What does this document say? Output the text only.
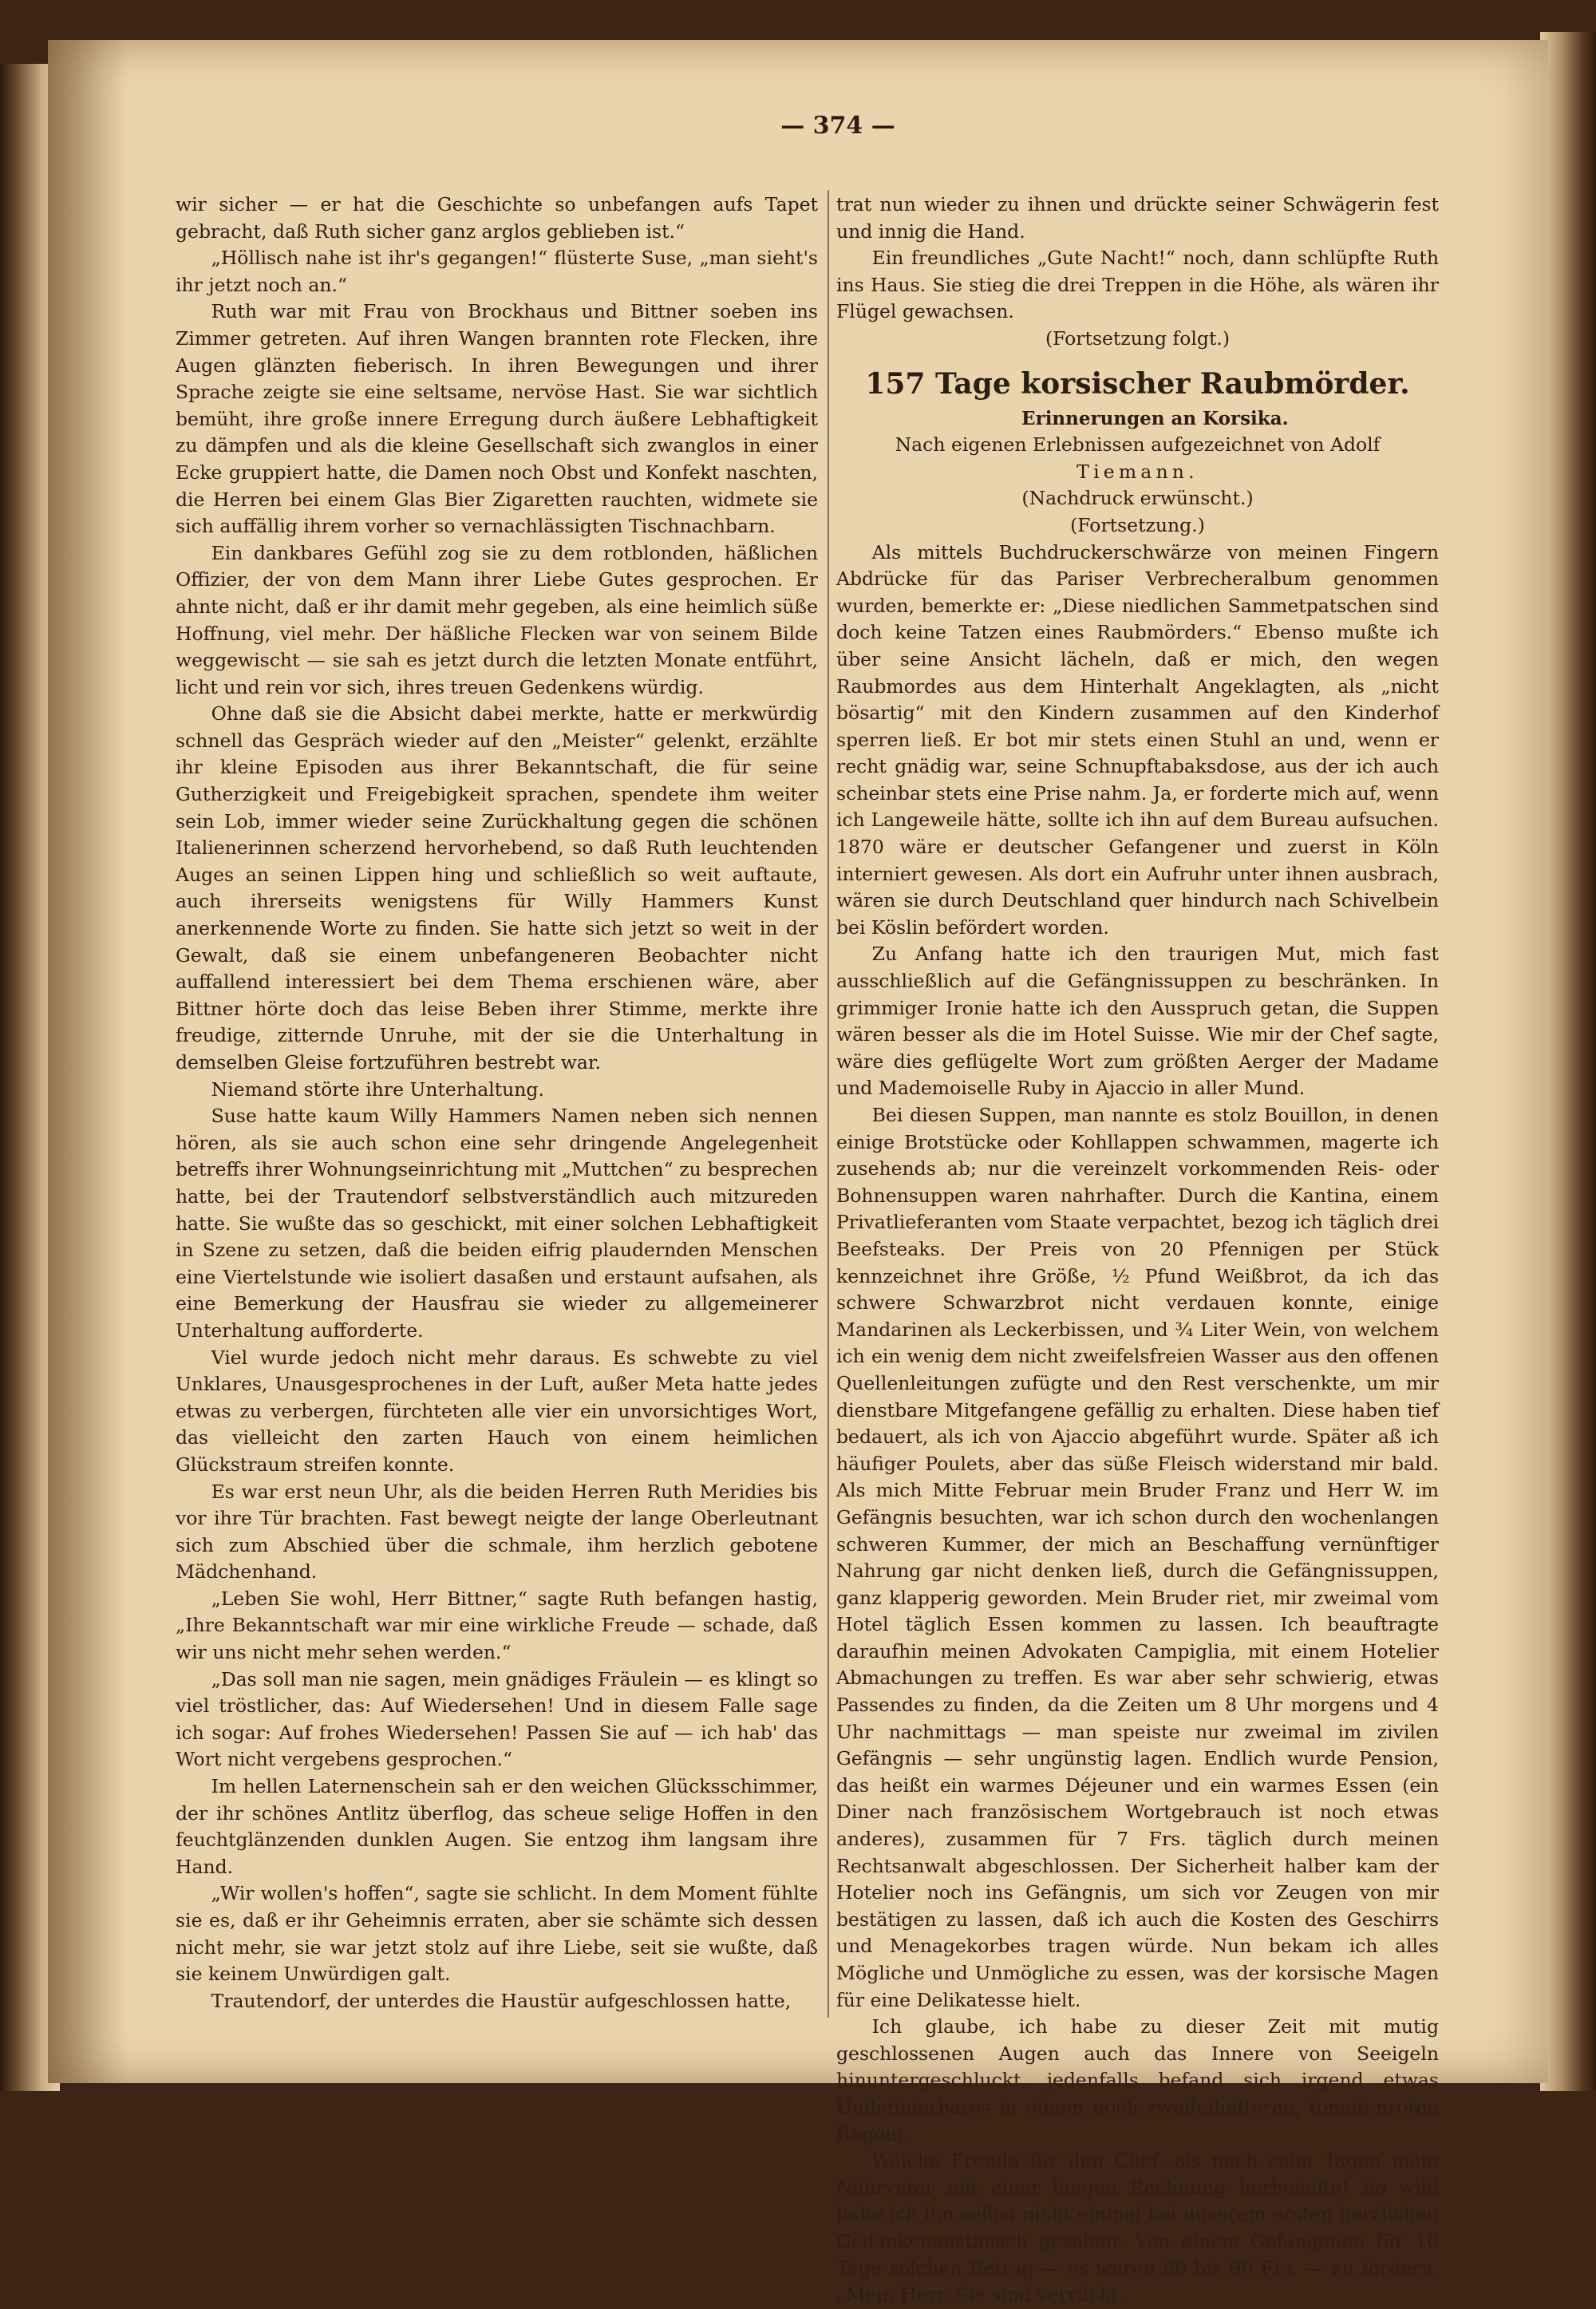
— 374 —

wir sicher — er hat die Geschichte so unbefangen aufs Tapet gebracht, daß Ruth sicher ganz arglos geblieben ist.“

„Höllisch nahe ist ihr's gegangen!“ flüsterte Suse, „man sieht's ihr jetzt noch an.“

Ruth war mit Frau von Brockhaus und Bittner soeben ins Zimmer getreten. Auf ihren Wangen brannten rote Flecken, ihre Augen glänzten fieberisch. In ihren Bewegungen und ihrer Sprache zeigte sie eine seltsame, nervöse Hast. Sie war sichtlich bemüht, ihre große innere Erregung durch äußere Lebhaftigkeit zu dämpfen und als die kleine Gesellschaft sich zwanglos in einer Ecke gruppiert hatte, die Damen noch Obst und Konfekt naschten, die Herren bei einem Glas Bier Zigaretten rauchten, widmete sie sich auffällig ihrem vorher so vernachlässigten Tischnachbarn.

Ein dankbares Gefühl zog sie zu dem rotblonden, häßlichen Offizier, der von dem Mann ihrer Liebe Gutes gesprochen. Er ahnte nicht, daß er ihr damit mehr gegeben, als eine heimlich süße Hoffnung, viel mehr. Der häßliche Flecken war von seinem Bilde weggewischt — sie sah es jetzt durch die letzten Monate entführt, licht und rein vor sich, ihres treuen Gedenkens würdig.

Ohne daß sie die Absicht dabei merkte, hatte er merkwürdig schnell das Gespräch wieder auf den „Meister“ gelenkt, erzählte ihr kleine Episoden aus ihrer Bekanntschaft, die für seine Gutherzigkeit und Freigebigkeit sprachen, spendete ihm weiter sein Lob, immer wieder seine Zurückhaltung gegen die schönen Italienerinnen scherzend hervorhebend, so daß Ruth leuchtenden Auges an seinen Lippen hing und schließlich so weit auftaute, auch ihrerseits wenigstens für Willy Hammers Kunst anerkennende Worte zu finden. Sie hatte sich jetzt so weit in der Gewalt, daß sie einem unbefangeneren Beobachter nicht auffallend interessiert bei dem Thema erschienen wäre, aber Bittner hörte doch das leise Beben ihrer Stimme, merkte ihre freudige, zitternde Unruhe, mit der sie die Unterhaltung in demselben Gleise fortzuführen bestrebt war.

Niemand störte ihre Unterhaltung.

Suse hatte kaum Willy Hammers Namen neben sich nennen hören, als sie auch schon eine sehr dringende Angelegenheit betreffs ihrer Wohnungseinrichtung mit „Muttchen“ zu besprechen hatte, bei der Trautendorf selbstverständlich auch mitzureden hatte. Sie wußte das so geschickt, mit einer solchen Lebhaftigkeit in Szene zu setzen, daß die beiden eifrig plaudernden Menschen eine Viertelstunde wie isoliert dasaßen und erstaunt aufsahen, als eine Bemerkung der Hausfrau sie wieder zu allgemeinerer Unterhaltung aufforderte.

Viel wurde jedoch nicht mehr daraus. Es schwebte zu viel Unklares, Unausgesprochenes in der Luft, außer Meta hatte jedes etwas zu verbergen, fürchteten alle vier ein unvorsichtiges Wort, das vielleicht den zarten Hauch von einem heimlichen Glückstraum streifen konnte.

Es war erst neun Uhr, als die beiden Herren Ruth Meridies bis vor ihre Tür brachten. Fast bewegt neigte der lange Oberleutnant sich zum Abschied über die schmale, ihm herzlich gebotene Mädchenhand.

„Leben Sie wohl, Herr Bittner,“ sagte Ruth befangen hastig, „Ihre Bekanntschaft war mir eine wirkliche Freude — schade, daß wir uns nicht mehr sehen werden.“

„Das soll man nie sagen, mein gnädiges Fräulein — es klingt so viel tröstlicher, das: Auf Wiedersehen! Und in diesem Falle sage ich sogar: Auf frohes Wiedersehen! Passen Sie auf — ich hab' das Wort nicht vergebens gesprochen.“

Im hellen Laternenschein sah er den weichen Glücksschimmer, der ihr schönes Antlitz überflog, das scheue selige Hoffen in den feuchtglänzenden dunklen Augen. Sie entzog ihm langsam ihre Hand.

„Wir wollen's hoffen“, sagte sie schlicht. In dem Moment fühlte sie es, daß er ihr Geheimnis erraten, aber sie schämte sich dessen nicht mehr, sie war jetzt stolz auf ihre Liebe, seit sie wußte, daß sie keinem Unwürdigen galt.

Trautendorf, der unterdes die Haustür aufgeschlossen hatte,

trat nun wieder zu ihnen und drückte seiner Schwägerin fest und innig die Hand.

Ein freundliches „Gute Nacht!“ noch, dann schlüpfte Ruth ins Haus. Sie stieg die drei Treppen in die Höhe, als wären ihr Flügel gewachsen.

(Fortsetzung folgt.)

157 Tage korsischer Raubmörder.

Erinnerungen an Korsika.

Nach eigenen Erlebnissen aufgezeichnet von Adolf Tiemann.

(Nachdruck erwünscht.)

(Fortsetzung.)

Als mittels Buchdruckerschwärze von meinen Fingern Abdrücke für das Pariser Verbrecheralbum genommen wurden, bemerkte er: „Diese niedlichen Sammetpatschen sind doch keine Tatzen eines Raubmörders.“ Ebenso mußte ich über seine Ansicht lächeln, daß er mich, den wegen Raubmordes aus dem Hinterhalt Angeklagten, als „nicht bösartig“ mit den Kindern zusammen auf den Kinderhof sperren ließ. Er bot mir stets einen Stuhl an und, wenn er recht gnädig war, seine Schnupftabaksdose, aus der ich auch scheinbar stets eine Prise nahm. Ja, er forderte mich auf, wenn ich Langeweile hätte, sollte ich ihn auf dem Bureau aufsuchen. 1870 wäre er deutscher Gefangener und zuerst in Köln interniert gewesen. Als dort ein Aufruhr unter ihnen ausbrach, wären sie durch Deutschland quer hindurch nach Schivelbein bei Köslin befördert worden.

Zu Anfang hatte ich den traurigen Mut, mich fast ausschließlich auf die Gefängnissuppen zu beschränken. In grimmiger Ironie hatte ich den Ausspruch getan, die Suppen wären besser als die im Hotel Suisse. Wie mir der Chef sagte, wäre dies geflügelte Wort zum größten Aerger der Madame und Mademoiselle Ruby in Ajaccio in aller Mund.

Bei diesen Suppen, man nannte es stolz Bouillon, in denen einige Brotstücke oder Kohllappen schwammen, magerte ich zusehends ab; nur die vereinzelt vorkommenden Reis- oder Bohnensuppen waren nahrhafter. Durch die Kantina, einem Privatlieferanten vom Staate verpachtet, bezog ich täglich drei Beefsteaks. Der Preis von 20 Pfennigen per Stück kennzeichnet ihre Größe, ½ Pfund Weißbrot, da ich das schwere Schwarzbrot nicht verdauen konnte, einige Mandarinen als Leckerbissen, und ¾ Liter Wein, von welchem ich ein wenig dem nicht zweifelsfreien Wasser aus den offenen Quellenleitungen zufügte und den Rest verschenkte, um mir dienstbare Mitgefangene gefällig zu erhalten. Diese haben tief bedauert, als ich von Ajaccio abgeführt wurde. Später aß ich häufiger Poulets, aber das süße Fleisch widerstand mir bald. Als mich Mitte Februar mein Bruder Franz und Herr W. im Gefängnis besuchten, war ich schon durch den wochenlangen schweren Kummer, der mich an Beschaffung vernünftiger Nahrung gar nicht denken ließ, durch die Gefängnissuppen, ganz klapperig geworden. Mein Bruder riet, mir zweimal vom Hotel täglich Essen kommen zu lassen. Ich beauftragte daraufhin meinen Advokaten Campiglia, mit einem Hotelier Abmachungen zu treffen. Es war aber sehr schwierig, etwas Passendes zu finden, da die Zeiten um 8 Uhr morgens und 4 Uhr nachmittags — man speiste nur zweimal im zivilen Gefängnis — sehr ungünstig lagen. Endlich wurde Pension, das heißt ein warmes Déjeuner und ein warmes Essen (ein Diner nach französischem Wortgebrauch ist noch etwas anderes), zusammen für 7 Frs. täglich durch meinen Rechtsanwalt abgeschlossen. Der Sicherheit halber kam der Hotelier noch ins Gefängnis, um sich vor Zeugen von mir bestätigen zu lassen, daß ich auch die Kosten des Geschirrs und Menagekorbes tragen würde. Nun bekam ich alles Mögliche und Unmögliche zu essen, was der korsische Magen für eine Delikatesse hielt.

Ich glaube, ich habe zu dieser Zeit mit mutig geschlossenen Augen auch das Innere von Seeigeln hinuntergeschluckt, jedenfalls befand sich irgend etwas Undefinierbares in einem noch zweifelhafteren, tomatenroten Ragout.

Welche Freude für den Chef, als nach zehn Tagen mein Nährvater mit einer langen Rechnung herbeieilte! So wild habe ich ihn selbst nicht einmal bei unserem ersten herzlichen Gedankenaustausch gesehen. Von einem Gefangenen für 10 Tage solchen Betrag — es waren 80 bis 90 Frs. — zu fordern. „Mein Herr, Sie sind verrückt.
